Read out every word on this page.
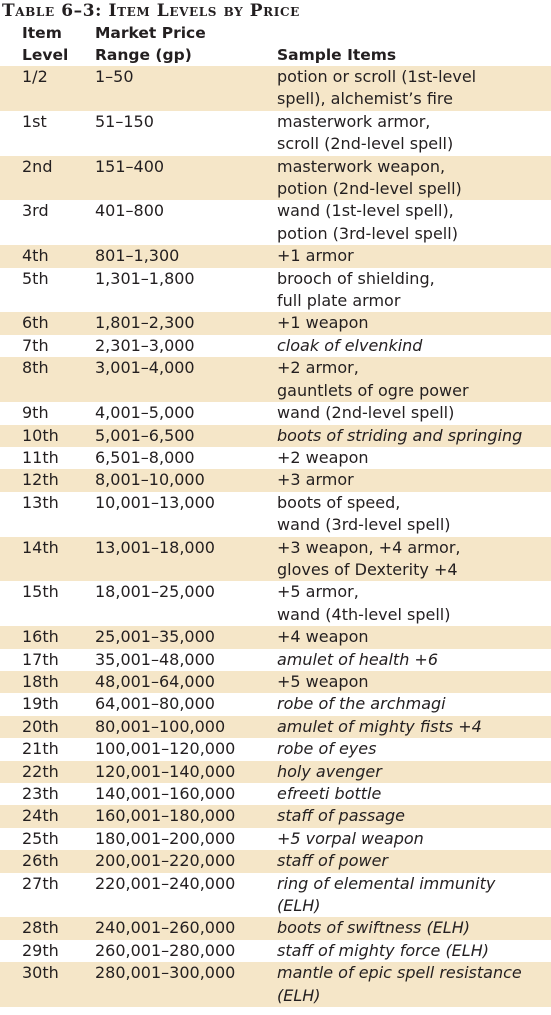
Table 6–3: Item Levels by Price
Item
Level
Market Price
Range (gp)	Sample Items
1/2	1–50	potion or scroll (1st-level
spell), alchemist’s fire
1st	51–150	masterwork armor,
scroll (2nd-level spell)
2nd	151–400	masterwork weapon,
potion (2nd-level spell)
3rd	401–800	wand (1st-level spell),
potion (3rd-level spell)
4th	801–1,300	+1 armor
5th	1,301–1,800	brooch of shielding,
full plate armor
6th	1,801–2,300	+1 weapon
7th	2,301–3,000	cloak of elvenkind
8th	3,001–4,000	+2 armor,
gauntlets of ogre power
9th	4,001–5,000	wand (2nd-level spell)
10th 5,001–6,500	boots of striding and springing
11th 6,501–8,000	+2 weapon
12th 8,001–10,000	+3 armor
13th 10,001–13,000	boots of speed,
wand (3rd-level spell)
14th 13,001–18,000	+3 weapon, +4 armor,
gloves of Dexterity +4
15th 18,001–25,000	+5 armor,
wand (4th-level spell)
16th 25,001–35,000	+4 weapon
17th 35,001–48,000	amulet of health +6
18th 48,001–64,000	+5 weapon
19th 64,001–80,000	robe of the archmagi
20th 80,001–100,000	amulet of mighty fists +4
21th 100,001–120,000	robe of eyes
22th 120,001–140,000	holy avenger
23th 140,001–160,000	efreeti bottle
24th 160,001–180,000	staff of passage
25th 180,001–200,000	+5 vorpal weapon
26th 200,001–220,000	staff of power
27th 220,001–240,000	ring of elemental immunity
(ELH)
28th 240,001–260,000	boots of swiftness (ELH)
29th 260,001–280,000	staff of mighty force (ELH)
30th 280,001–300,000	mantle of epic spell resistance
(ELH)
